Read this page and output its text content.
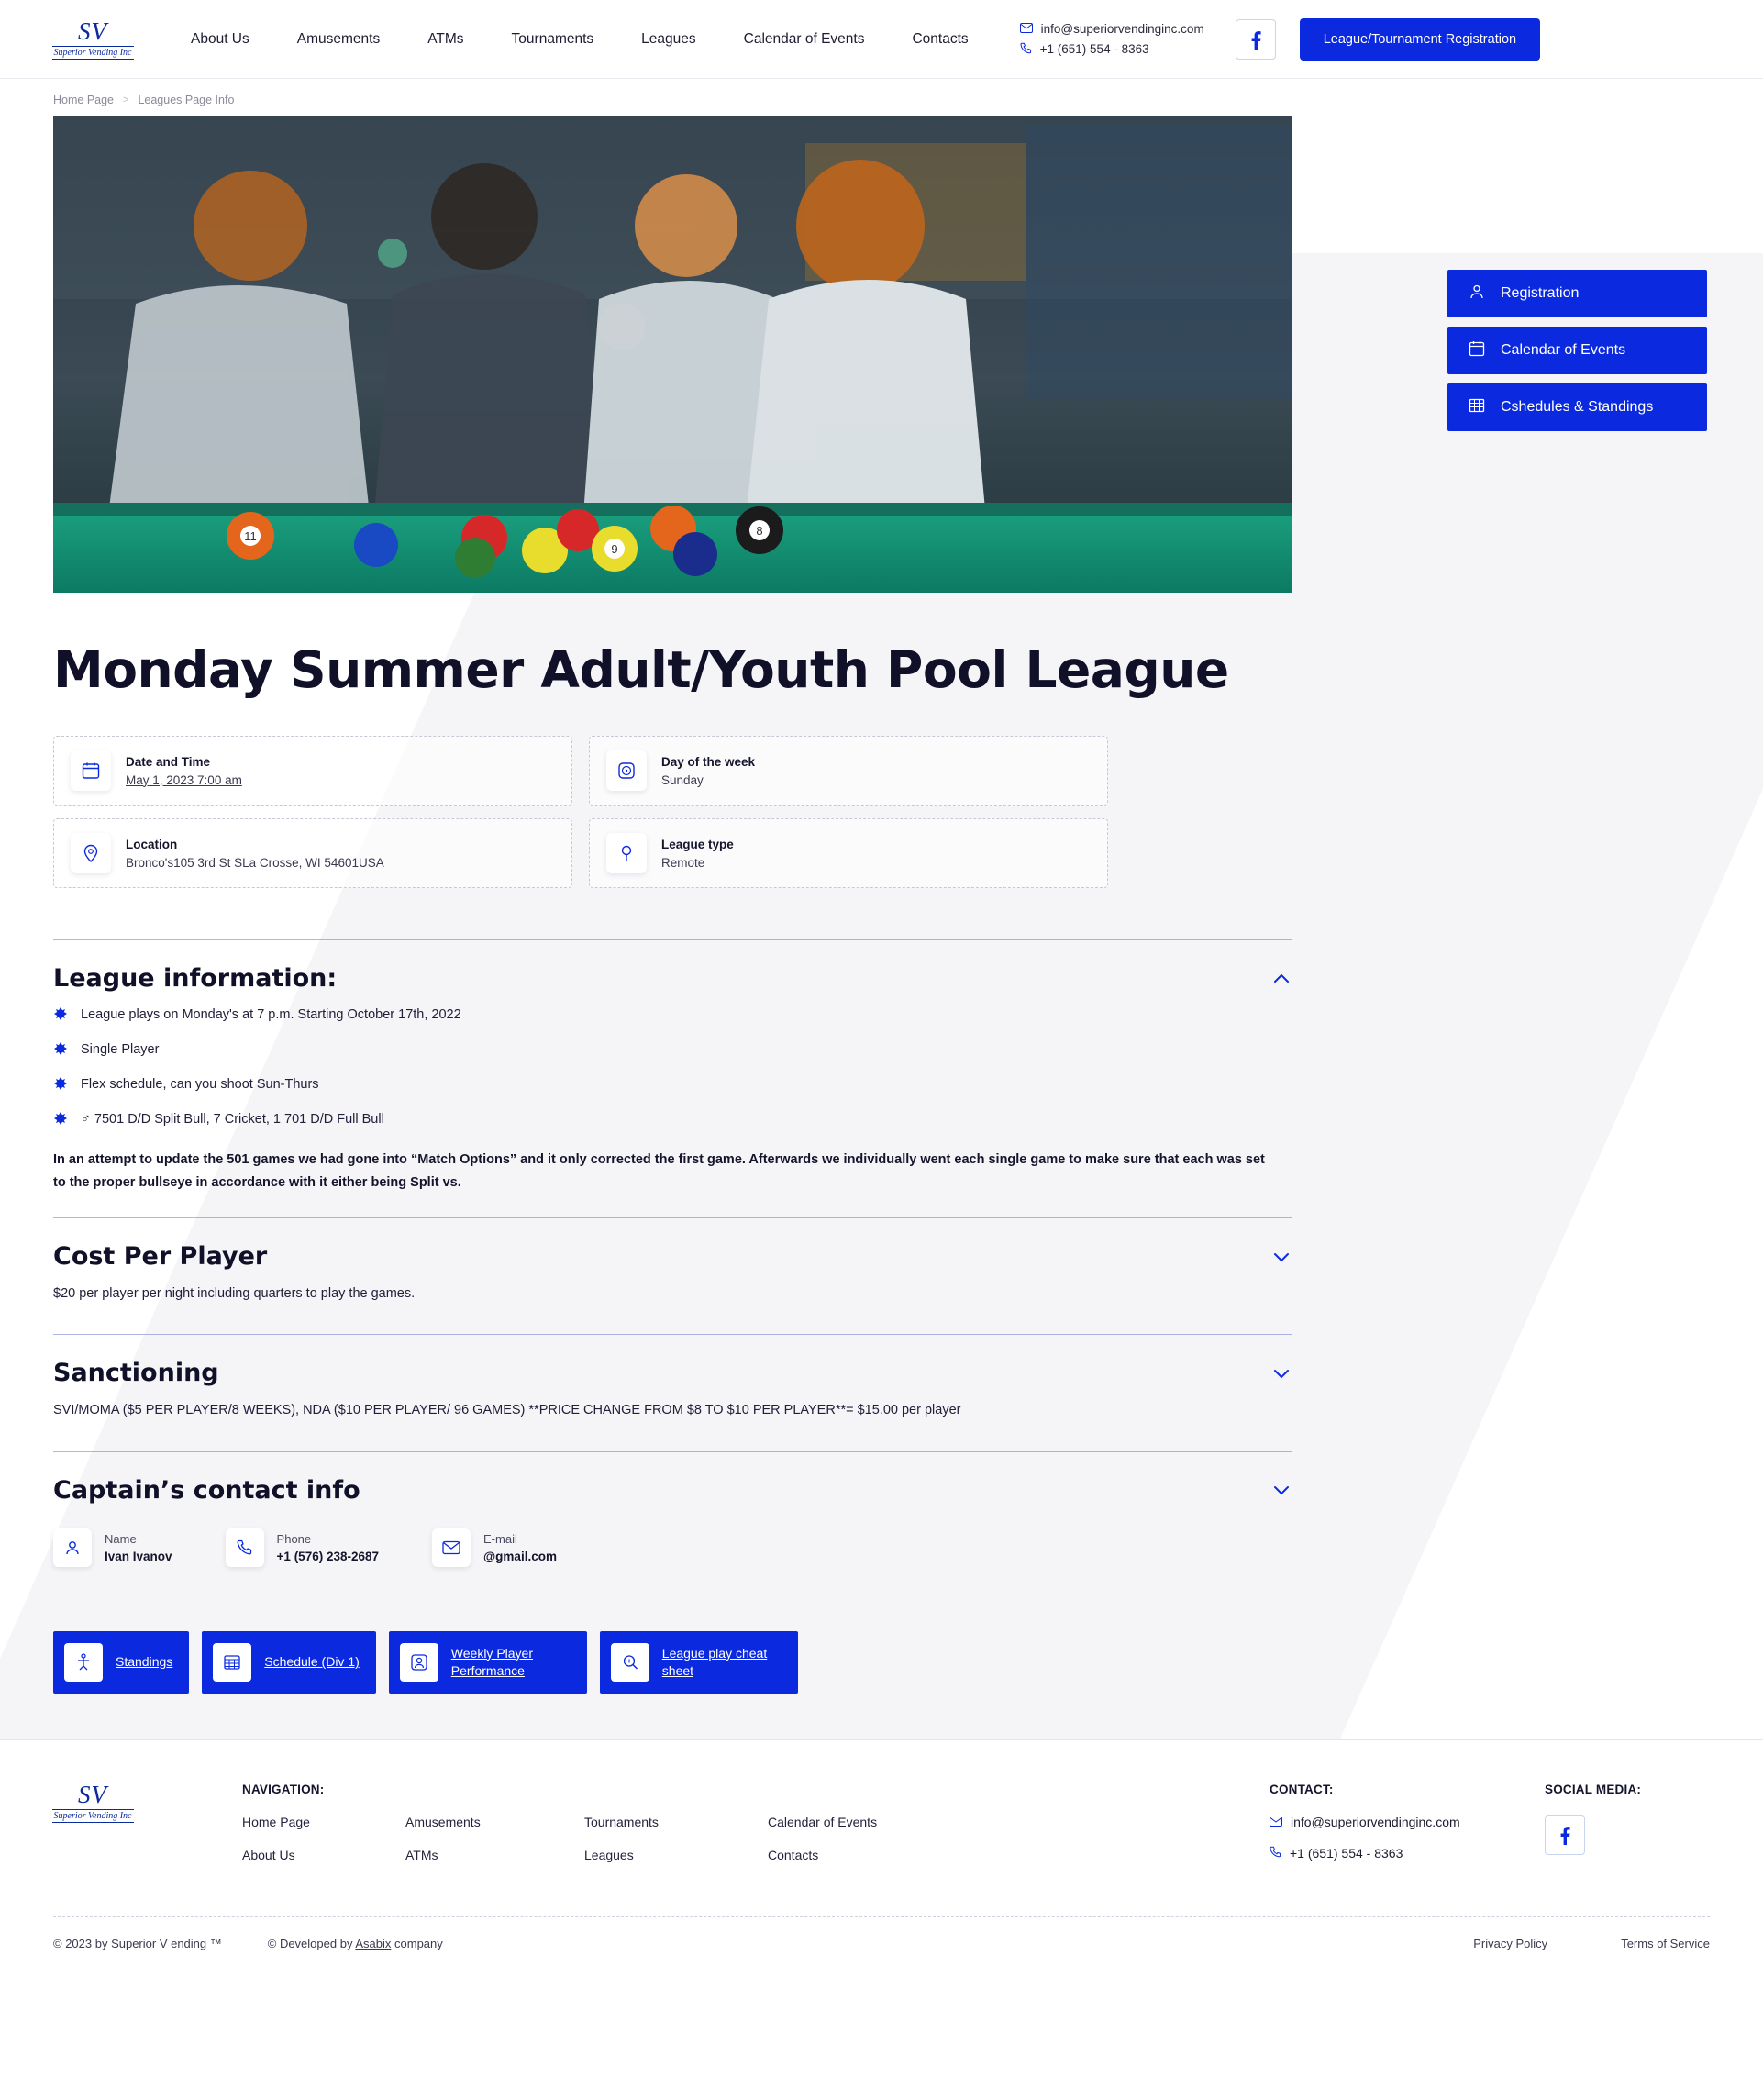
SV
Superior Vending Inc
About Us	Amusements	ATMs	Tournaments	Leagues	Calendar of Events	Contacts
info@superiorvendinginc.com
+1 (651) 554 - 8363
League/Tournament Registration
Home Page > Leagues Page Info
Registration
Calendar of Events
Cshedules & Standings
11
9
8
Monday Summer Adult/Youth Pool League
Date and Time
May 1, 2023 7:00 am
Day of the week
Sunday
Location
Bronco's105 3rd St SLa Crosse, WI 54601USA
League type
Remote
League information:
League plays on Monday's at 7 p.m. Starting October 17th, 2022
Single Player
Flex schedule, can you shoot Sun-Thurs
♂ 7501 D/D Split Bull, 7 Cricket, 1 701 D/D Full Bull
In an attempt to update the 501 games we had gone into “Match Options” and it only corrected the first game. Afterwards we individually went each single game to make sure that each was set to the proper bullseye in accordance with it either being Split vs.
Cost Per Player
$20 per player per night including quarters to play the games.
Sanctioning
SVI/MOMA ($5 PER PLAYER/8 WEEKS), NDA ($10 PER PLAYER/ 96 GAMES) **PRICE CHANGE FROM $8 TO $10 PER PLAYER**= $15.00 per player
Captain’s contact info
Name
Ivan Ivanov
Phone
+1 (576) 238-2687
E-mail
@gmail.com
Standings	Schedule (Div 1)
Weekly Player Performance
League play cheat sheet
SV
Superior Vending Inc
NAVIGATION:
Home Page	Amusements	Tournaments	Calendar of Events
About Us	ATMs	Leagues	Contacts
CONTACT:
info@superiorvendinginc.com
+1 (651) 554 - 8363
SOCIAL MEDIA:
© 2023 by Superior V ending ™	© Developed by Asabix company	Privacy Policy	Terms of Service
